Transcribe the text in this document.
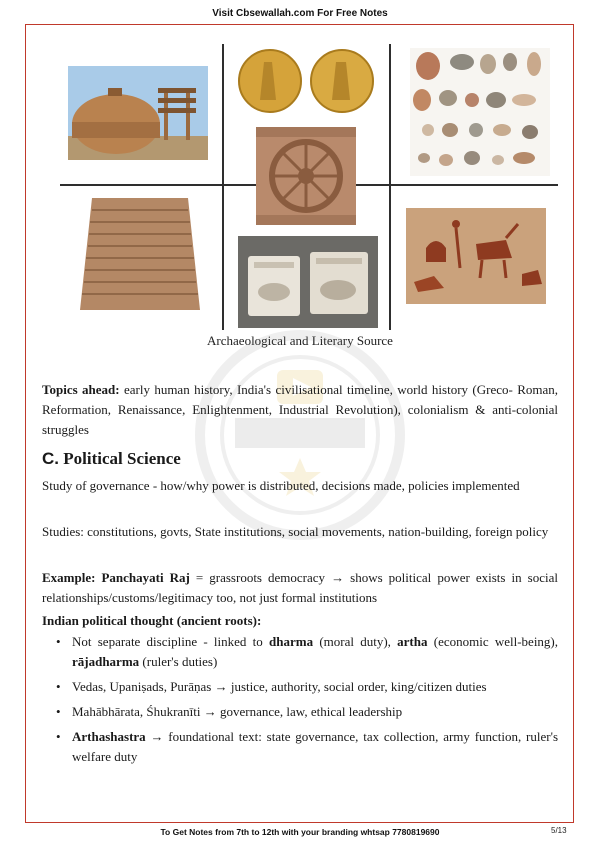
Visit Cbsewallah.com For Free Notes
Archaeological and Literary Source
Topics ahead: early human history, India's civilisational timeline, world history (Greco- Roman, Reformation, Renaissance, Enlightenment, Industrial Revolution), colonialism & anti-colonial struggles
C. Political Science
Study of governance - how/why power is distributed, decisions made, policies implemented
Studies: constitutions, govts, State institutions, social movements, nation-building, foreign policy
Example: Panchayati Raj = grassroots democracy → shows political power exists in social relationships/customs/legitimacy too, not just formal institutions
Indian political thought (ancient roots):
• Not separate discipline - linked to dharma (moral duty), artha (economic well-being), rājadharma (ruler's duties)
• Vedas, Upaniṣads, Purāṇas → justice, authority, social order, king/citizen duties
• Mahābhārata, Śhukranīti → governance, law, ethical leadership
• Arthashastra → foundational text: state governance, tax collection, army function, ruler's welfare duty
To Get Notes from 7th to 12th with your branding whtsap 7780819690	5/13
